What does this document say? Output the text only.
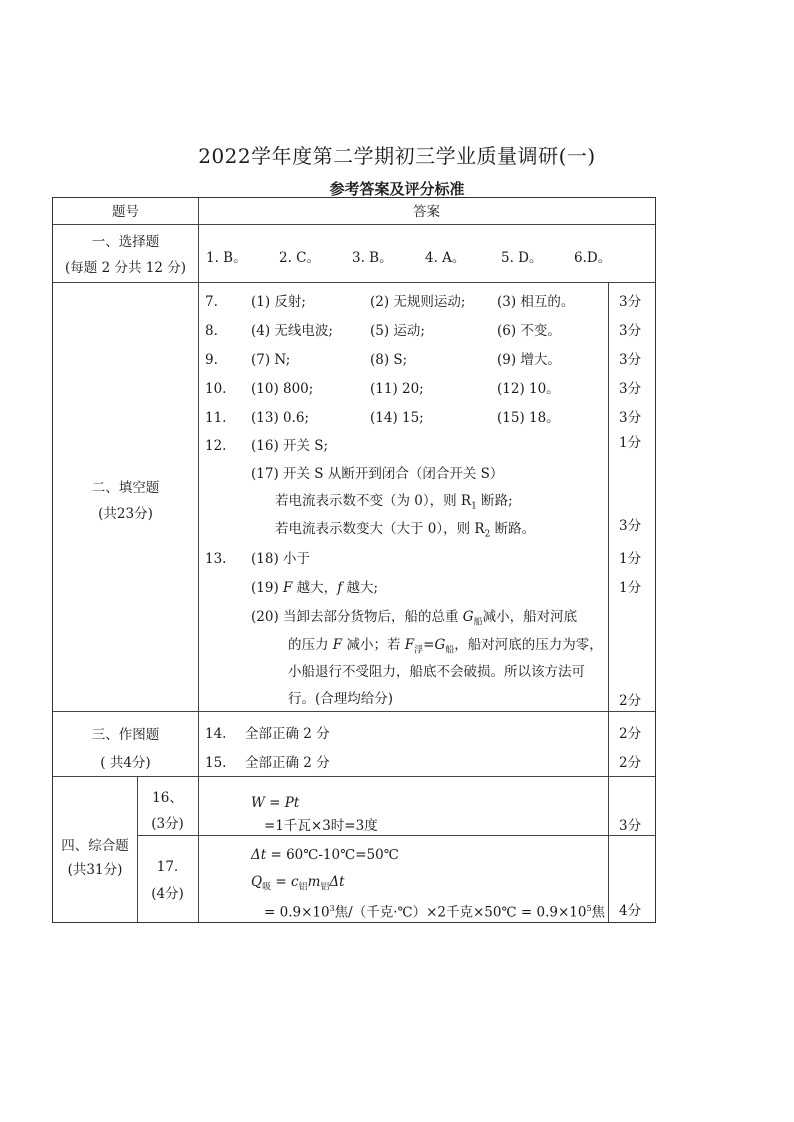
2022学年度第二学期初三学业质量调研(一)
参考答案及评分标准
题号	答案
一、选择题
(每题 2 分共 12 分)
1. B。 2. C。 3. B。 4. A。	5. D。 6.D。
二、填空题
(共23分)
7. (1) 反射;	(2) 无规则运动; (3) 相互的。	3分
8. (4) 无线电波;	(5) 运动;	(6) 不变。	3分
9. (7) N;	(8) S;	(9) 增大。	3分
10. (10) 800;	(11) 20;	(12) 10。	3分
11. (13) 0.6;	(14) 15;	(15) 18。	3分
12. (16) 开关 S;	1分
(17) 开关 S 从断开到闭合（闭合开关 S）
若电流表示数不变（为 0），则 $R_1$ 断路;
若电流表示数变大（大于 0），则 $R_2$ 断路。	3分
13. (18) 小于	1分
(19) F 越大，f 越大;	1分
(20) 当卸去部分货物后，船的总重 $G_船$减小，船对河底
的压力 F 减小；若 $F_浮=G_船$，船对河底的压力为零，
小船退行不受阻力，船底不会破损。所以该方法可
行。(合理均给分)	2分
三、作图题
( 共4分)
14. 全部正确 2 分	2分
15. 全部正确 2 分	2分
四、综合题
(共31分)
16、
(3分)
W = Pt
=1千瓦×3时=3度	3分
17.
(4分)
Δt = 60℃-10℃=50℃
$Q_吸 = c_铝m_铝\Delta t$
= $0.9\times 10^3$焦/（千克·℃）×2千克×50℃ = $0.9\times 10^5$焦 4分
